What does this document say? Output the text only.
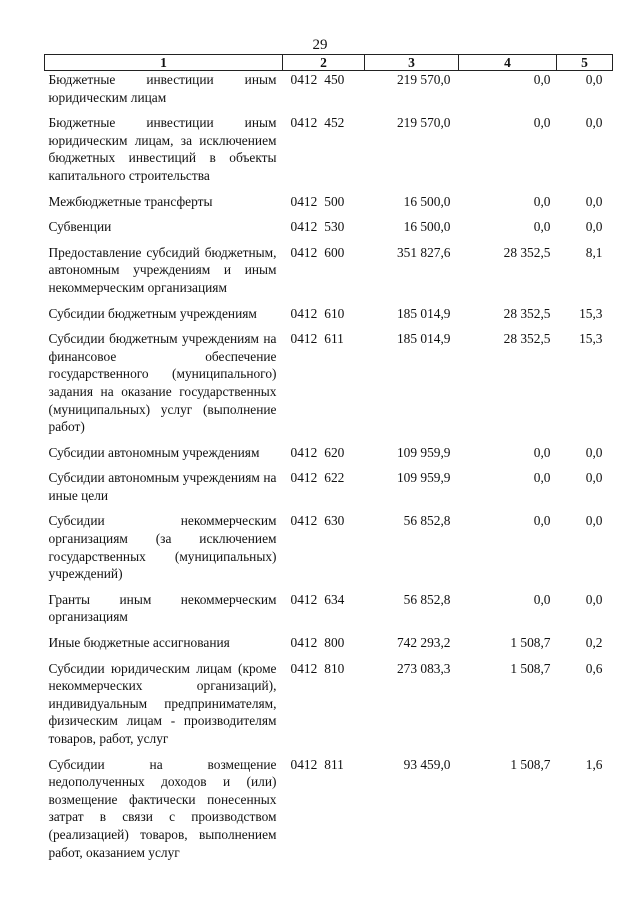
29
1	2	3	4	5
Бюджетные инвестиции иным юридическим лицам	0412 450	219 570,0	0,0	0,0
Бюджетные инвестиции иным юридическим лицам, за исключением бюджетных инвестиций в объекты капитального строительства	0412 452	219 570,0	0,0	0,0
Межбюджетные трансферты	0412 500	16 500,0	0,0	0,0
Субвенции	0412 530	16 500,0	0,0	0,0
Предоставление субсидий бюджетным, автономным учреждениям и иным некоммерческим организациям	0412 600	351 827,6	28 352,5	8,1
Субсидии бюджетным учреждениям	0412 610	185 014,9	28 352,5	15,3
Субсидии бюджетным учреждениям на финансовое обеспечение государственного (муниципального) задания на оказание государственных (муниципальных) услуг (выполнение работ)	0412 611	185 014,9	28 352,5	15,3
Субсидии автономным учреждениям	0412 620	109 959,9	0,0	0,0
Субсидии автономным учреждениям на иные цели	0412 622	109 959,9	0,0	0,0
Субсидии некоммерческим организациям (за исключением государственных (муниципальных) учреждений)	0412 630	56 852,8	0,0	0,0
Гранты иным некоммерческим организациям	0412 634	56 852,8	0,0	0,0
Иные бюджетные ассигнования	0412 800	742 293,2	1 508,7	0,2
Субсидии юридическим лицам (кроме некоммерческих организаций), индивидуальным предпринимателям, физическим лицам - производителям товаров, работ, услуг	0412 810	273 083,3	1 508,7	0,6
Субсидии на возмещение недополученных доходов и (или) возмещение фактически понесенных затрат в связи с производством (реализацией) товаров, выполнением работ, оказанием услуг	0412 811	93 459,0	1 508,7	1,6
